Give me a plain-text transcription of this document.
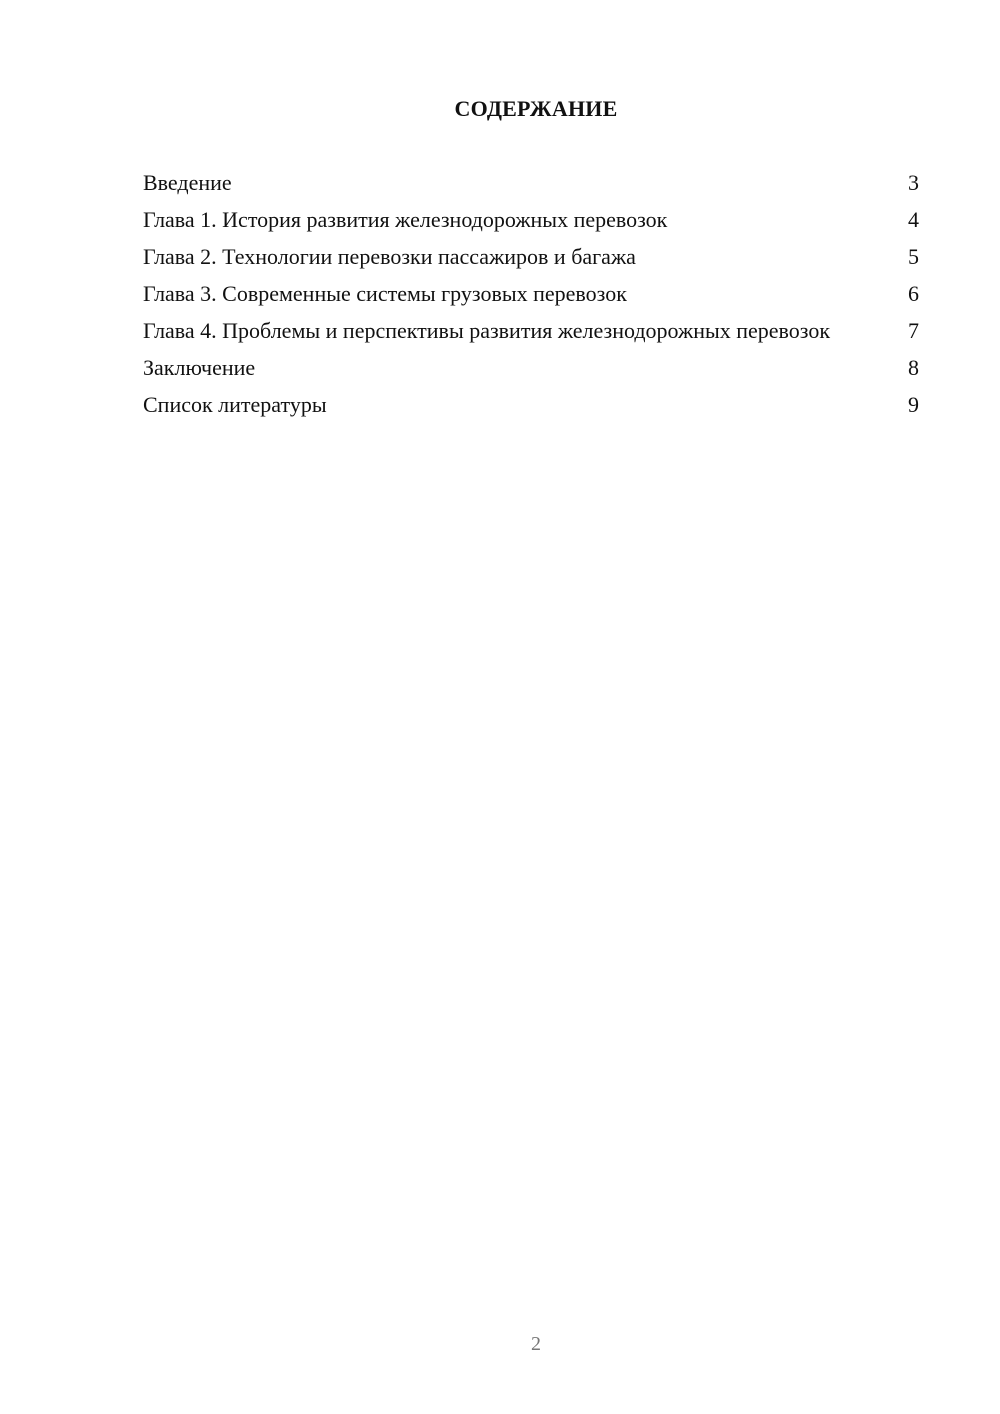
СОДЕРЖАНИЕ
Введение	3
Глава 1. История развития железнодорожных перевозок	4
Глава 2. Технологии перевозки пассажиров и багажа	5
Глава 3. Современные системы грузовых перевозок	6
Глава 4. Проблемы и перспективы развития железнодорожных перевозок	7
Заключение	8
Список литературы	9
2
